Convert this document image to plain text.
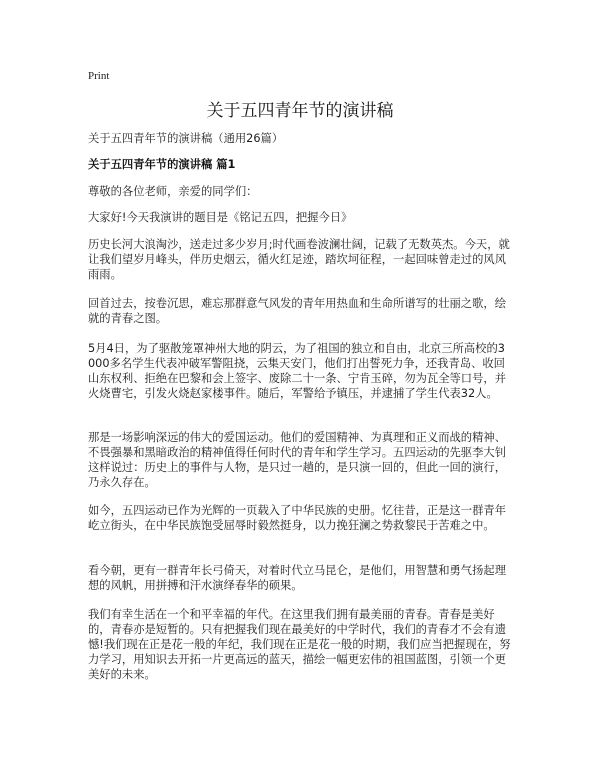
Print
关于五四青年节的演讲稿

关于五四青年节的演讲稿（通用26篇）

关于五四青年节的演讲稿 篇1

尊敬的各位老师，亲爱的同学们：

大家好!今天我演讲的题目是《铭记五四，把握今日》

历史长河大浪淘沙，送走过多少岁月;时代画卷波澜壮阔，记载了无数英杰。今天，就让我们望岁月峰头，伴历史烟云，循火红足迹，踏坎坷征程，一起回味曾走过的风风雨雨。

回首过去，按卷沉思，难忘那群意气风发的青年用热血和生命所谱写的壮丽之歌，绘就的青春之图。

5月4日，为了驱散笼罩神州大地的阴云，为了祖国的独立和自由，北京三所高校的3000多名学生代表冲破军警阻挠，云集天安门，他们打出誓死力争，还我青岛、收回山东权利、拒绝在巴黎和会上签字、废除二十一条、宁肯玉碎，勿为瓦全等口号，并火烧曹宅，引发火烧赵家楼事件。随后，军警给予镇压，并逮捕了学生代表32人。

那是一场影响深远的伟大的爱国运动。他们的爱国精神、为真理和正义而战的精神、不畏强暴和黑暗政治的精神值得任何时代的青年和学生学习。五四运动的先驱李大钊这样说过：历史上的事件与人物，是只过一趟的，是只演一回的，但此一回的演行，乃永久存在。

如今，五四运动已作为光辉的一页载入了中华民族的史册。忆往昔，正是这一群青年屹立街头，在中华民族饱受屈辱时毅然挺身，以力挽狂澜之势救黎民于苦难之中。

看今朝，更有一群青年长弓倚天，对着时代立马昆仑，是他们，用智慧和勇气扬起理想的风帆，用拼搏和汗水演绎春华的硕果。

我们有幸生活在一个和平幸福的年代。在这里我们拥有最美丽的青春。青春是美好的，青春亦是短暂的。只有把握我们现在最美好的中学时代，我们的青春才不会有遗憾!我们现在正是花一般的年纪，我们现在正是花一般的时期，我们应当把握现在，努力学习，用知识去开拓一片更高远的蓝天，描绘一幅更宏伟的祖国蓝图，引领一个更美好的未来。
